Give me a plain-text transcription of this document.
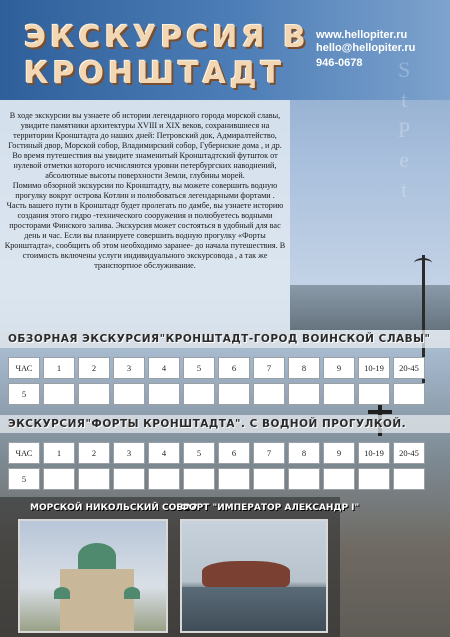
ЭКСКУРСИЯ В
КРОНШТАДТ
www.hellopiter.ru
hello@hellopiter.ru
946-0678 S
t
P
e
t

В ходе экскурсии вы узнаете об истории легендарного города морской славы, увидите памятники архитектуры XVIII и XIX веков, сохранившиеся на территории Кронштадта до наших дней: Петровский док, Адмиралтейство, Гостиный двор, Морской собор, Владимирский собор, Губернские дома , и др. Во время путешествия вы увидите знаменитый Кронштадтский футшток от нулевой отметки которого исчисляются уровни петербургских наводнений, абсолютные высоты поверхности Земли, глубины морей.

Помимо обзорной экскурсии по Кронштадту, вы можете совершить водную прогулку вокруг острова Котлин и полюбоваться легендарными фортами .

Часть вашего пути в Кронштадт будет пролегать по дамбе, вы узнаете историю создания этого гидро -технического сооружения и полюбуетесь водными просторами Финского залива. Экскурсия может состояться в удобный для вас день и час. Если вы планируете совершить водную прогулку «Форты Кронштадта», сообщить об этом необходимо заранее- до начала путешествия. В стоимость включены услуги индивидуального экскурсовода , а так же транспортное обслуживание.

ОБЗОРНАЯ ЭКСКУРСИЯ"КРОНШТАДТ-ГОРОД ВОИНСКОЙ СЛАВЫ"
ЧАС	1	2	3	4	5	6	7	8	9	10-19	20-45
5
ЭКСКУРСИЯ"ФОРТЫ КРОНШТАДТА". С ВОДНОЙ ПРОГУЛКОЙ.
ЧАС	1	2	3	4	5	6	7	8	9	10-19	20-45
5
МОРСКОЙ НИКОЛЬСКИЙ СОБОР
ФОРТ "ИМПЕРАТОР АЛЕКСАНДР I"
